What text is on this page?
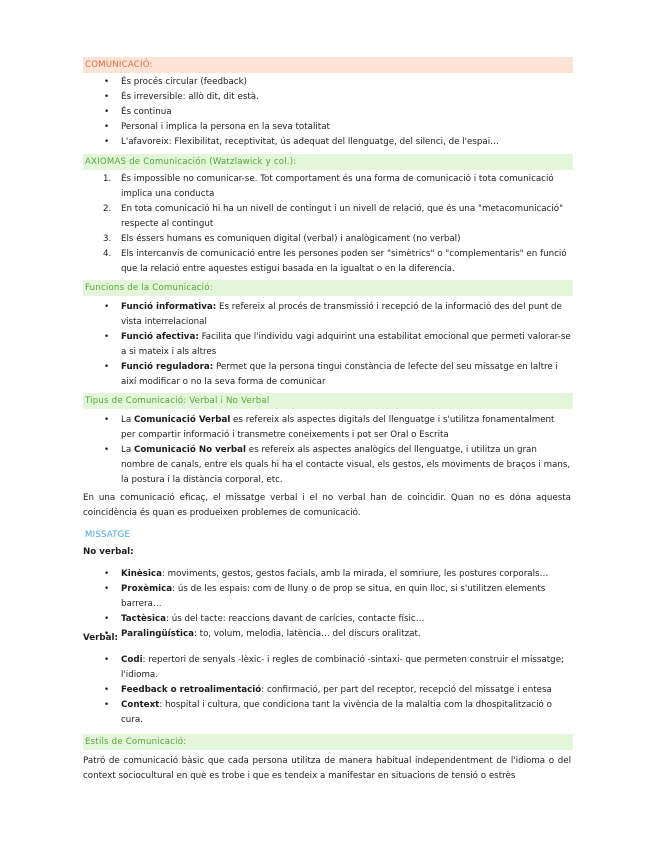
COMUNICACIÓ:
• És procés circular (feedback)
• És irreversible: allò dit, dit està.
• És continua
• Personal i implica la persona en la seva totalitat
• L'afavoreix: Flexibilitat, receptivitat, ús adequat del llenguatge, del silenci, de l'espai…
AXIOMAS de Comunicación (Watzlawick y col.):
1. És impossible no comunicar-se. Tot comportament és una forma de comunicació i tota comunicació implica una conducta
2. En tota comunicació hi ha un nivell de contingut i un nivell de relació, que és una "metacomunicació" respecte al contingut
3. Els éssers humans es comuniquen digital (verbal) i analògicament (no verbal)
4. Els intercanvis de comunicació entre les persones poden ser "simètrics" o "complementaris" en funció que la relació entre aquestes estigui basada en la igualtat o en la diferencia.
Funcions de la Comunicació:
• Funció informativa: Es refereix al procés de transmissió i recepció de la informació des del punt de vista interrelacional
• Funció afectiva: Facilita que l'individu vagi adquirint una estabilitat emocional que permeti valorar-se a si mateix i als altres
• Funció reguladora: Permet que la persona tingui constància de lefecte del seu missatge en laltre i així modificar o no la seva forma de comunicar
Tipus de Comunicació: Verbal i No Verbal
• La Comunicació Verbal es refereix als aspectes digitals del llenguatge i s'utilitza fonamentalment per compartir informació i transmetre coneixements i pot ser Oral o Escrita
• La Comunicació No verbal es refereix als aspectes analògics del llenguatge, i utilitza un gran nombre de canals, entre els quals hi ha el contacte visual, els gestos, els moviments de braços i mans, la postura i la distància corporal, etc.

En una comunicació eficaç, el missatge verbal i el no verbal han de coincidir. Quan no es dóna aquesta coincidència és quan es produeixen problemes de comunicació.

MISSATGE
No verbal:
• Kinèsica: moviments, gestos, gestos facials, amb la mirada, el somriure, les postures corporals…
• Proxèmica: ús de les espais: com de lluny o de prop se situa, en quin lloc, si s'utilitzen elements barrera…
• Tactèsica: ús del tacte: reaccions davant de carícies, contacte físic…
• Paralingüística: to, volum, melodia, latència… del discurs oralitzat.
Verbal:
• Codi: repertori de senyals -lèxic- i regles de combinació -sintaxi- que permeten construir el missatge; l'idioma.
• Feedback o retroalimentació: confirmació, per part del receptor, recepció del missatge i entesa
• Context: hospital i cultura, que condiciona tant la vivència de la malaltia com la dhospitalització o cura.
Estils de Comunicació:

Patró de comunicació bàsic que cada persona utilitza de manera habitual independentment de l'idioma o del context sociocultural en què es trobe i que es tendeix a manifestar en situacions de tensió o estrès
